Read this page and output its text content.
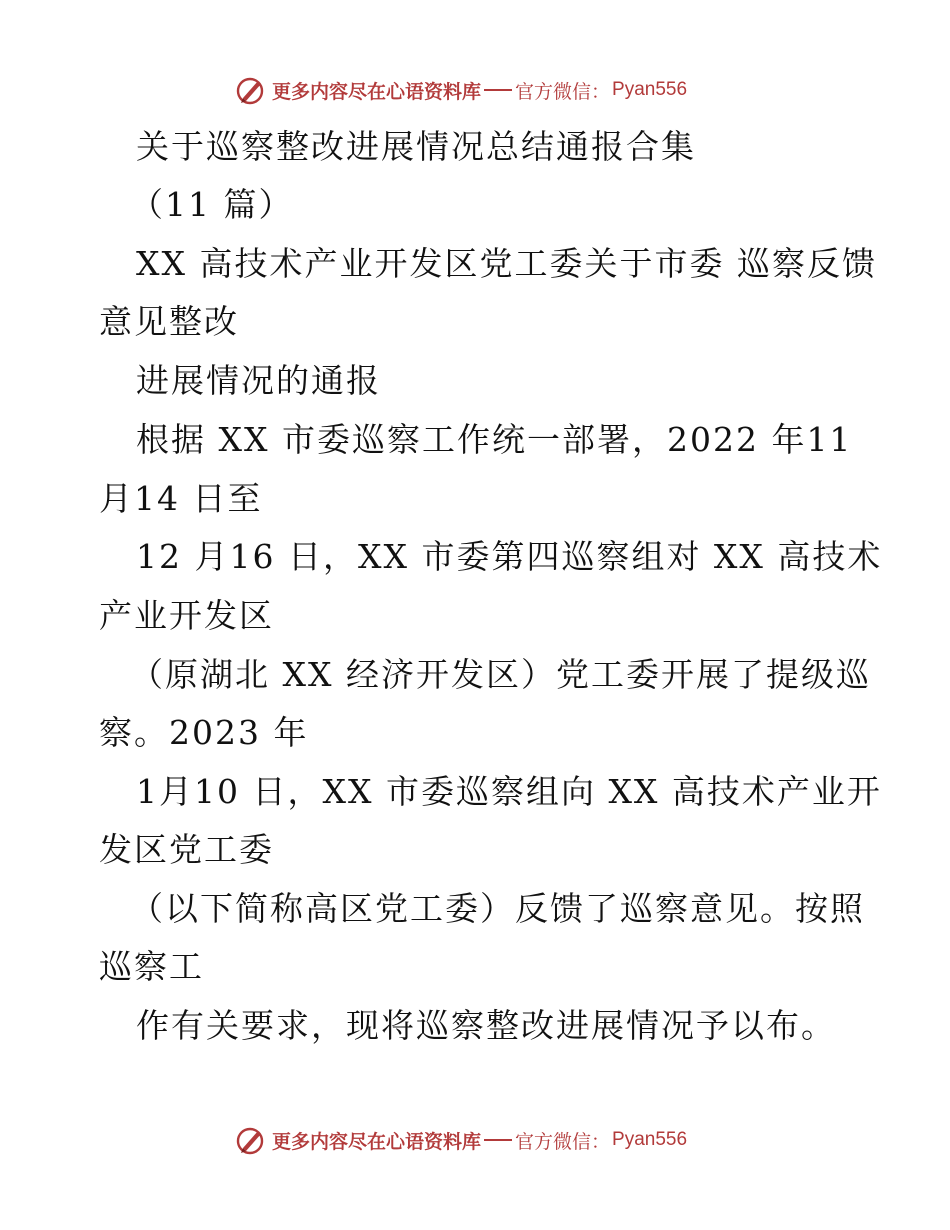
更多内容尽在心语资料库 官方微信： Pyan556
关于巡察整改进展情况总结通报合集
（11 篇）
XX 高技术产业开发区党工委关于市委 巡察反馈
意见整改
进展情况的通报
根据 XX 市委巡察工作统一部署，2022 年11
月14 日至
12 月16 日，XX 市委第四巡察组对 XX 高技术
产业开发区
（原湖北 XX 经济开发区）党工委开展了提级巡
察。2023 年
1月10 日，XX 市委巡察组向 XX 高技术产业开
发区党工委
（以下简称高区党工委）反馈了巡察意见。按照
巡察工
作有关要求，现将巡察整改进展情况予以布。
更多内容尽在心语资料库 官方微信： Pyan556
